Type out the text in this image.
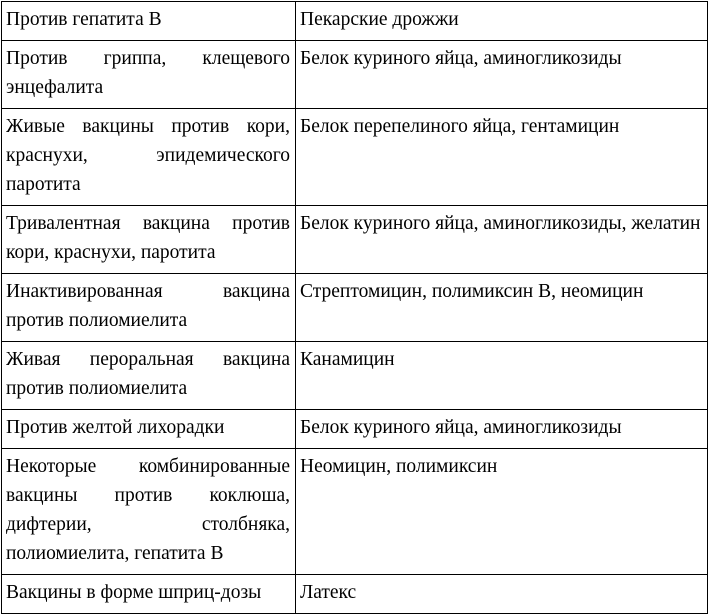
Против гепатита В	Пекарские дрожжи
Против гриппа, клещевого энцефалита	Белок куриного яйца, аминогликозиды
Живые вакцины против кори, краснухи, эпидемического паротита	Белок перепелиного яйца, гентамицин
Тривалентная вакцина против кори, краснухи, паротита	Белок куриного яйца, аминогликозиды, желатин
Инактивированная вакцина против полиомиелита	Стрептомицин, полимиксин В, неомицин
Живая пероральная вакцина против полиомиелита	Канамицин
Против желтой лихорадки	Белок куриного яйца, аминогликозиды
Некоторые комбинированные вакцины против коклюша, дифтерии, столбняка, полиомиелита, гепатита В	Неомицин, полимиксин
Вакцины в форме шприц-дозы	Латекс
